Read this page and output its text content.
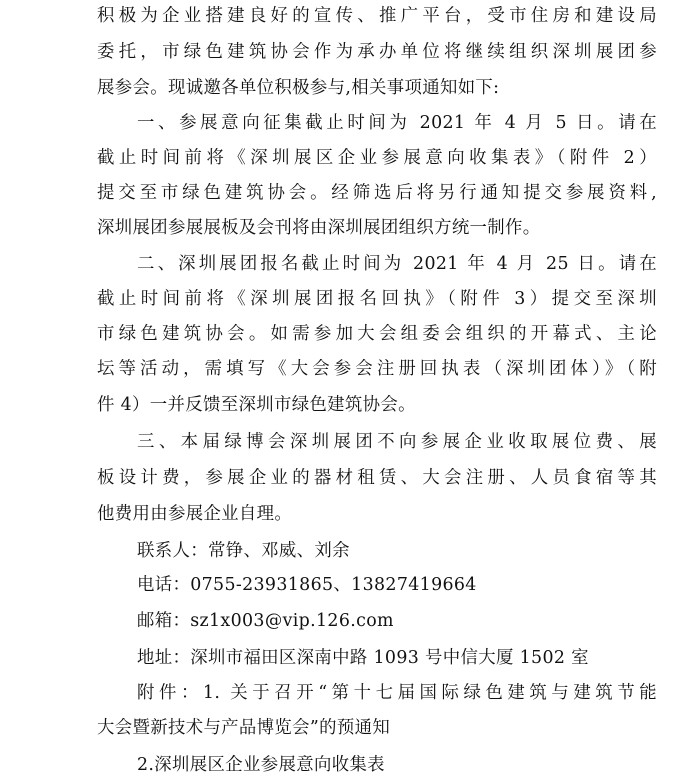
积极为企业搭建良好的宣传、推广平台，受市住房和建设局
委托，市绿色建筑协会作为承办单位将继续组织深圳展团参
展参会。现诚邀各单位积极参与,相关事项通知如下:
一、参展意向征集截止时间为 2021 年 4 月 5 日。请在
截止时间前将《深圳展区企业参展意向收集表》（附件 2）
提交至市绿色建筑协会。经筛选后将另行通知提交参展资料,
深圳展团参展展板及会刊将由深圳展团组织方统一制作。
二、深圳展团报名截止时间为 2021 年 4 月 25 日。请在
截止时间前将《深圳展团报名回执》（附件 3）提交至深圳
市绿色建筑协会。如需参加大会组委会组织的开幕式、主论
坛等活动，需填写《大会参会注册回执表（深圳团体）》（附
件 4）一并反馈至深圳市绿色建筑协会。
三、本届绿博会深圳展团不向参展企业收取展位费、展
板设计费，参展企业的器材租赁、大会注册、人员食宿等其
他费用由参展企业自理。
联系人：常铮、邓威、刘余
电话：0755-23931865、13827419664
邮箱：sz1x003@vip.126.com
地址：深圳市福田区深南中路 1093 号中信大厦 1502 室
附件：1. 关于召开“第十七届国际绿色建筑与建筑节能
大会暨新技术与产品博览会”的预通知
2.深圳展区企业参展意向收集表
